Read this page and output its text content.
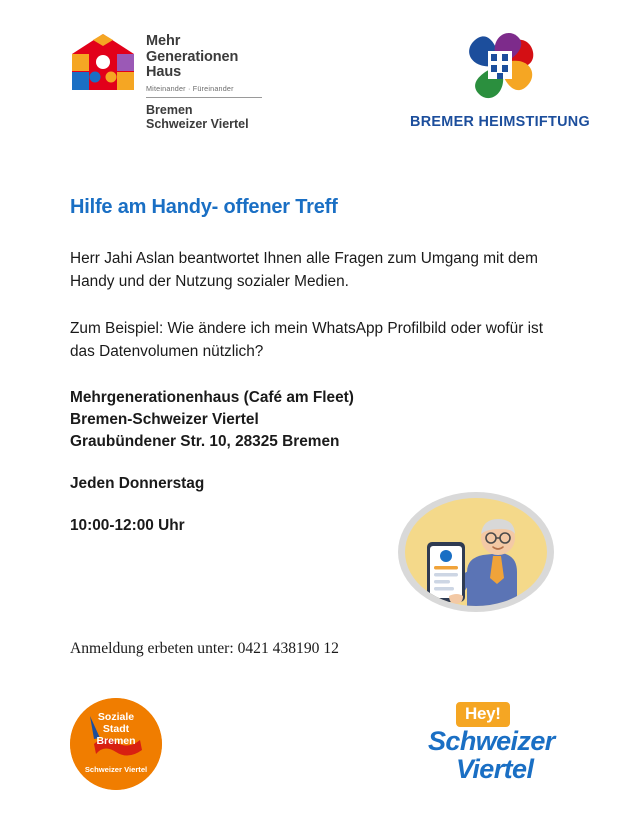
Mehr
Generationen
Haus
Miteinander · Füreinander
Bremen
Schweizer Viertel	BREMER HEIMSTIFTUNG
Hilfe am Handy- offener Treff

Herr Jahi Aslan beantwortet Ihnen alle Fragen zum Umgang mit dem Handy und der Nutzung sozialer Medien.

Zum Beispiel: Wie ändere ich mein WhatsApp Profilbild oder wofür ist das Datenvolumen nützlich?

Mehrgenerationenhaus (Café am Fleet)
Bremen-Schweizer Viertel
Graubündener Str. 10, 28325 Bremen
Jeden Donnerstag
10:00-12:00 Uhr
Anmeldung erbeten unter: 0421 438190 12
Soziale
Stadt
Bremen
Schweizer Viertel
Hey!
Schweizer
Viertel
